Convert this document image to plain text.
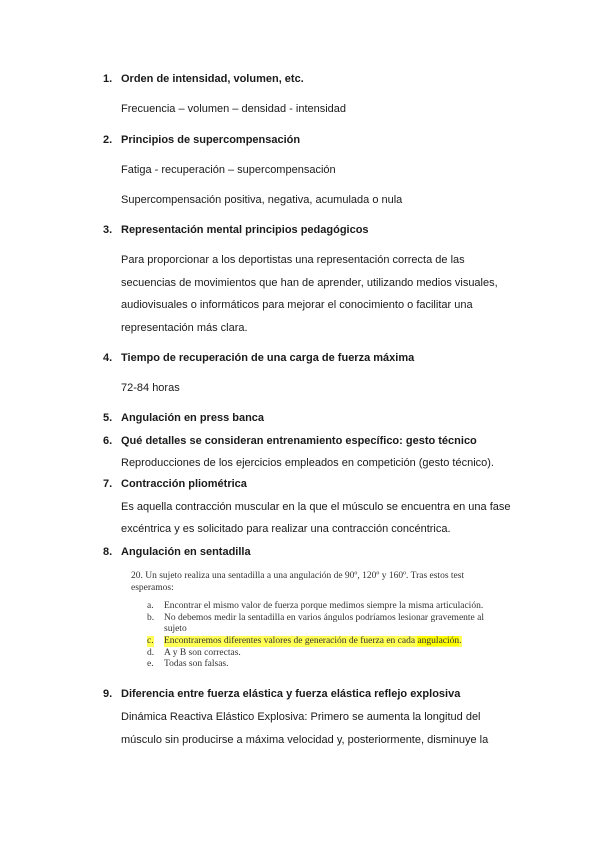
1. Orden de intensidad, volumen, etc.
Frecuencia – volumen – densidad - intensidad
2. Principios de supercompensación
Fatiga - recuperación – supercompensación
Supercompensación positiva, negativa, acumulada o nula
3. Representación mental principios pedagógicos
Para proporcionar a los deportistas una representación correcta de las
secuencias de movimientos que han de aprender, utilizando medios visuales,
audiovisuales o informáticos para mejorar el conocimiento o facilitar una
representación más clara.
4. Tiempo de recuperación de una carga de fuerza máxima
72-84 horas
5. Angulación en press banca
6. Qué detalles se consideran entrenamiento específico: gesto técnico
Reproducciones de los ejercicios empleados en competición (gesto técnico).
7. Contracción pliométrica
Es aquella contracción muscular en la que el músculo se encuentra en una fase
excéntrica y es solicitado para realizar una contracción concéntrica.
8. Angulación en sentadilla
20. Un sujeto realiza una sentadilla a una angulación de 90º, 120º y 160º. Tras estos test
esperamos:
a. Encontrar el mismo valor de fuerza porque medimos siempre la misma articulación.
b. No debemos medir la sentadilla en varios ángulos podríamos lesionar gravemente al
sujeto
c. Encontraremos diferentes valores de generación de fuerza en cada angulación.
d. A y B son correctas.
e. Todas son falsas.
9. Diferencia entre fuerza elástica y fuerza elástica reflejo explosiva
Dinámica Reactiva Elástico Explosiva: Primero se aumenta la longitud del
músculo sin producirse a máxima velocidad y, posteriormente, disminuye la
